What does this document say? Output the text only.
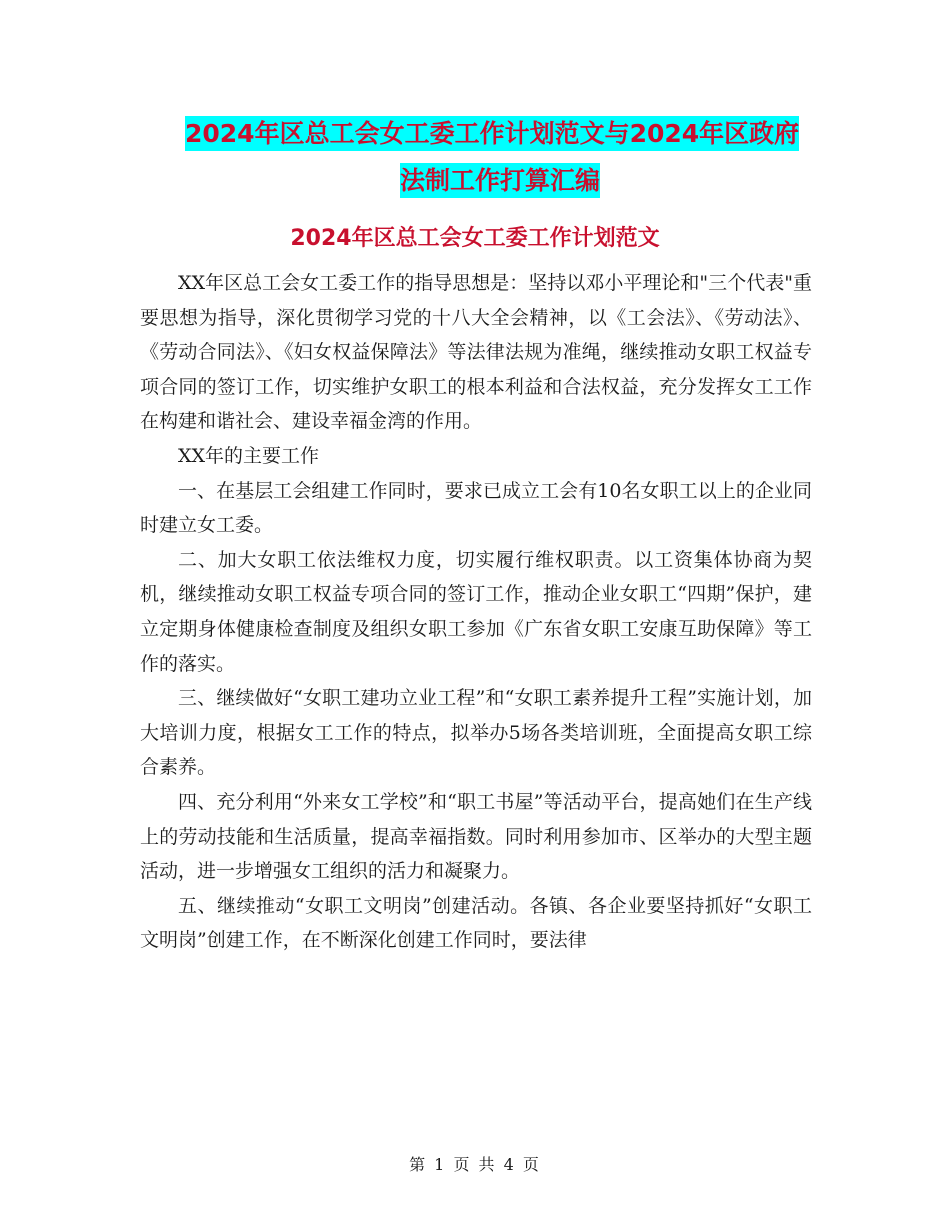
2024年区总工会女工委工作计划范文与2024年区政府
法制工作打算汇编
2024年区总工会女工委工作计划范文

XX年区总工会女工委工作的指导思想是：坚持以邓小平理论和"三个代表"重要思想为指导，深化贯彻学习党的十八大全会精神，以《工会法》、《劳动法》、《劳动合同法》、《妇女权益保障法》等法律法规为准绳，继续推动女职工权益专项合同的签订工作，切实维护女职工的根本利益和合法权益，充分发挥女工工作在构建和谐社会、建设幸福金湾的作用。

XX年的主要工作

一、在基层工会组建工作同时，要求已成立工会有10名女职工以上的企业同时建立女工委。

二、加大女职工依法维权力度，切实履行维权职责。以工资集体协商为契机，继续推动女职工权益专项合同的签订工作，推动企业女职工“四期”保护，建立定期身体健康检查制度及组织女职工参加《广东省女职工安康互助保障》等工作的落实。

三、继续做好“女职工建功立业工程”和“女职工素养提升工程”实施计划，加大培训力度，根据女工工作的特点，拟举办5场各类培训班，全面提高女职工综合素养。

四、充分利用“外来女工学校”和“职工书屋”等活动平台，提高她们在生产线上的劳动技能和生活质量，提高幸福指数。同时利用参加市、区举办的大型主题活动，进一步增强女工组织的活力和凝聚力。

五、继续推动“女职工文明岗”创建活动。各镇、各企业要坚持抓好“女职工文明岗”创建工作，在不断深化创建工作同时，要法律

第 1 页 共 4 页
